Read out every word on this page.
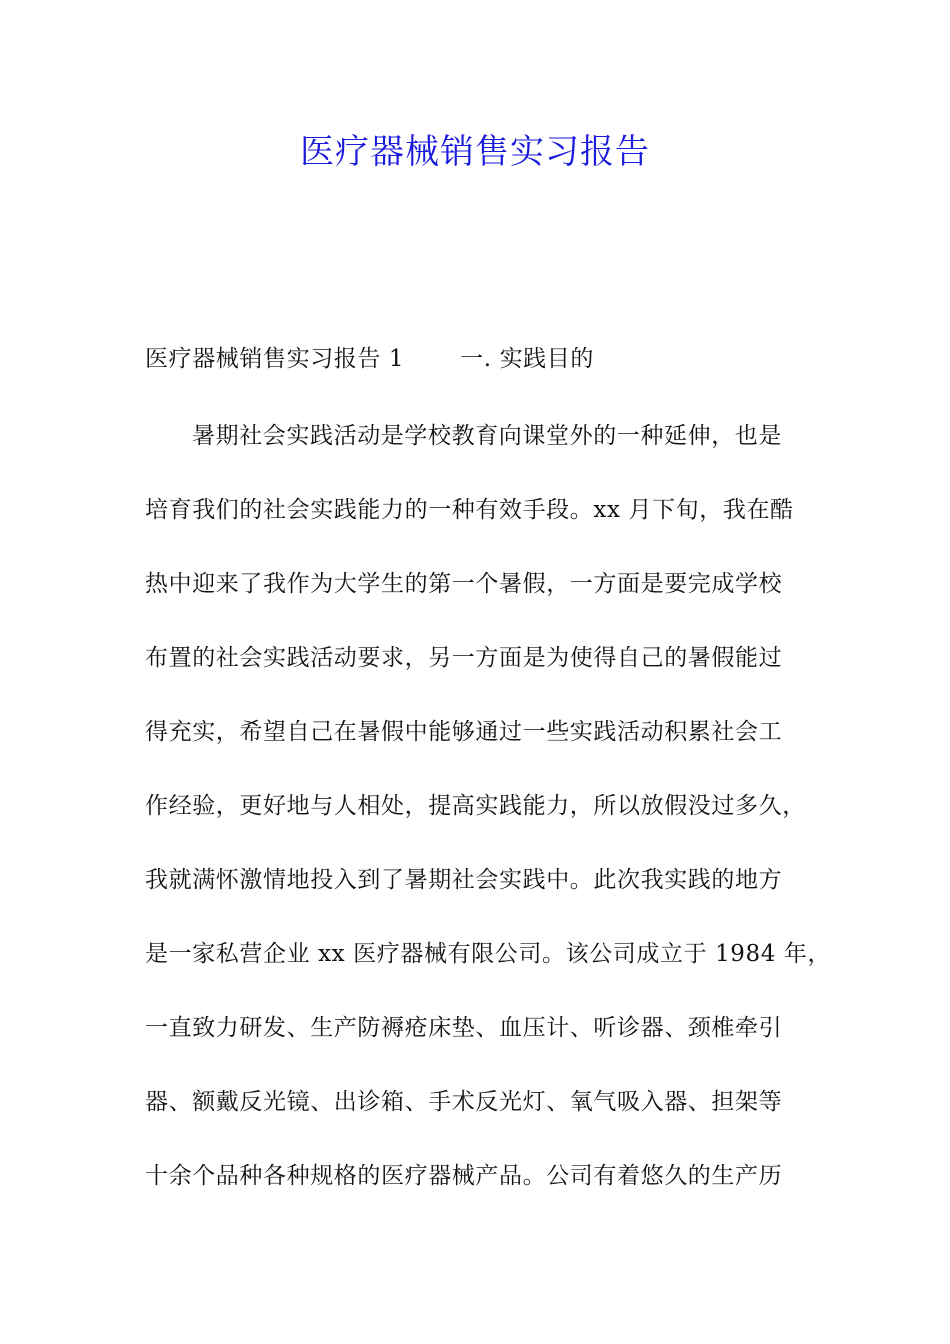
医疗器械销售实习报告
医疗器械销售实习报告 1 一. 实践目的
暑期社会实践活动是学校教育向课堂外的一种延伸，也是
培育我们的社会实践能力的一种有效手段。xx 月下旬，我在酷
热中迎来了我作为大学生的第一个暑假，一方面是要完成学校
布置的社会实践活动要求，另一方面是为使得自己的暑假能过
得充实，希望自己在暑假中能够通过一些实践活动积累社会工
作经验，更好地与人相处，提高实践能力，所以放假没过多久，
我就满怀激情地投入到了暑期社会实践中。此次我实践的地方
是一家私营企业 xx 医疗器械有限公司。该公司成立于 1984 年，
一直致力研发、生产防褥疮床垫、血压计、听诊器、颈椎牵引
器、额戴反光镜、出诊箱、手术反光灯、氧气吸入器、担架等
十余个品种各种规格的医疗器械产品。公司有着悠久的生产历
